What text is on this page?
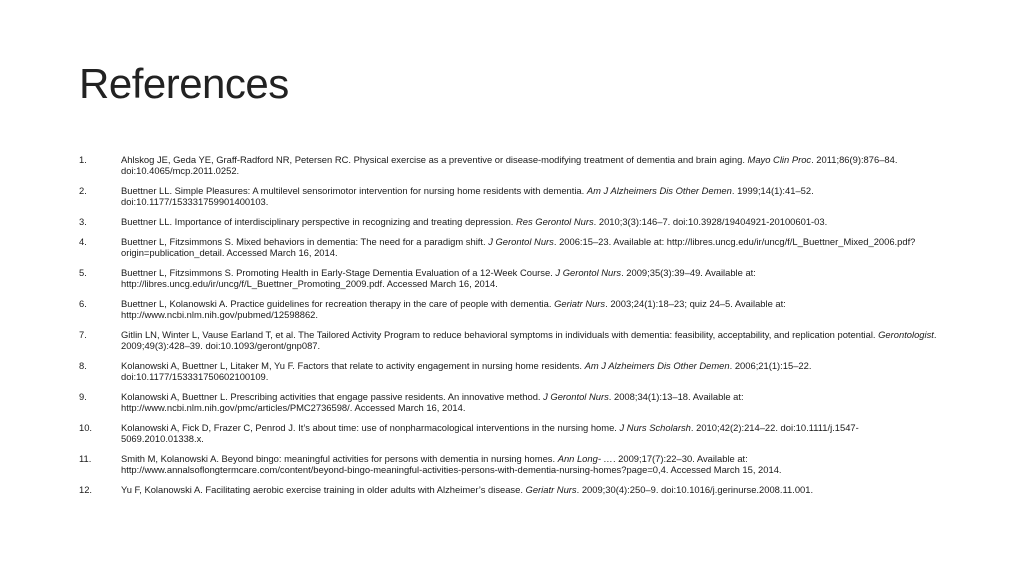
References
1.	Ahlskog JE, Geda YE, Graff-Radford NR, Petersen RC. Physical exercise as a preventive or disease-modifying treatment of dementia and brain aging. Mayo Clin Proc. 2011;86(9):876–84. doi:10.4065/mcp.2011.0252.
2.	Buettner LL. Simple Pleasures: A multilevel sensorimotor intervention for nursing home residents with dementia. Am J Alzheimers Dis Other Demen. 1999;14(1):41–52. doi:10.1177/153331759901400103.
3.	Buettner LL. Importance of interdisciplinary perspective in recognizing and treating depression. Res Gerontol Nurs. 2010;3(3):146–7. doi:10.3928/19404921-20100601-03.
4.	Buettner L, Fitzsimmons S. Mixed behaviors in dementia: The need for a paradigm shift. J Gerontol Nurs. 2006:15–23. Available at: http://libres.uncg.edu/ir/uncg/f/L_Buettner_Mixed_2006.pdf?origin=publication_detail. Accessed March 16, 2014.
5.	Buettner L, Fitzsimmons S. Promoting Health in Early-Stage Dementia Evaluation of a 12-Week Course. J Gerontol Nurs. 2009;35(3):39–49. Available at: http://libres.uncg.edu/ir/uncg/f/L_Buettner_Promoting_2009.pdf. Accessed March 16, 2014.
6.	Buettner L, Kolanowski A. Practice guidelines for recreation therapy in the care of people with dementia. Geriatr Nurs. 2003;24(1):18–23; quiz 24–5. Available at: http://www.ncbi.nlm.nih.gov/pubmed/12598862.
7.	Gitlin LN, Winter L, Vause Earland T, et al. The Tailored Activity Program to reduce behavioral symptoms in individuals with dementia: feasibility, acceptability, and replication potential. Gerontologist. 2009;49(3):428–39. doi:10.1093/geront/gnp087.
8.	Kolanowski A, Buettner L, Litaker M, Yu F. Factors that relate to activity engagement in nursing home residents. Am J Alzheimers Dis Other Demen. 2006;21(1):15–22. doi:10.1177/153331750602100109.
9.	Kolanowski A, Buettner L. Prescribing activities that engage passive residents. An innovative method. J Gerontol Nurs. 2008;34(1):13–18. Available at: http://www.ncbi.nlm.nih.gov/pmc/articles/PMC2736598/. Accessed March 16, 2014.
10.	Kolanowski A, Fick D, Frazer C, Penrod J. It’s about time: use of nonpharmacological interventions in the nursing home. J Nurs Scholarsh. 2010;42(2):214–22. doi:10.1111/j.1547-5069.2010.01338.x.
11.	Smith M, Kolanowski A. Beyond bingo: meaningful activities for persons with dementia in nursing homes. Ann Long- …. 2009;17(7):22–30. Available at: http://www.annalsoflongtermcare.com/content/beyond-bingo-meaningful-activities-persons-with-dementia-nursing-homes?page=0,4. Accessed March 15, 2014.
12.	Yu F, Kolanowski A. Facilitating aerobic exercise training in older adults with Alzheimer’s disease. Geriatr Nurs. 2009;30(4):250–9. doi:10.1016/j.gerinurse.2008.11.001.
